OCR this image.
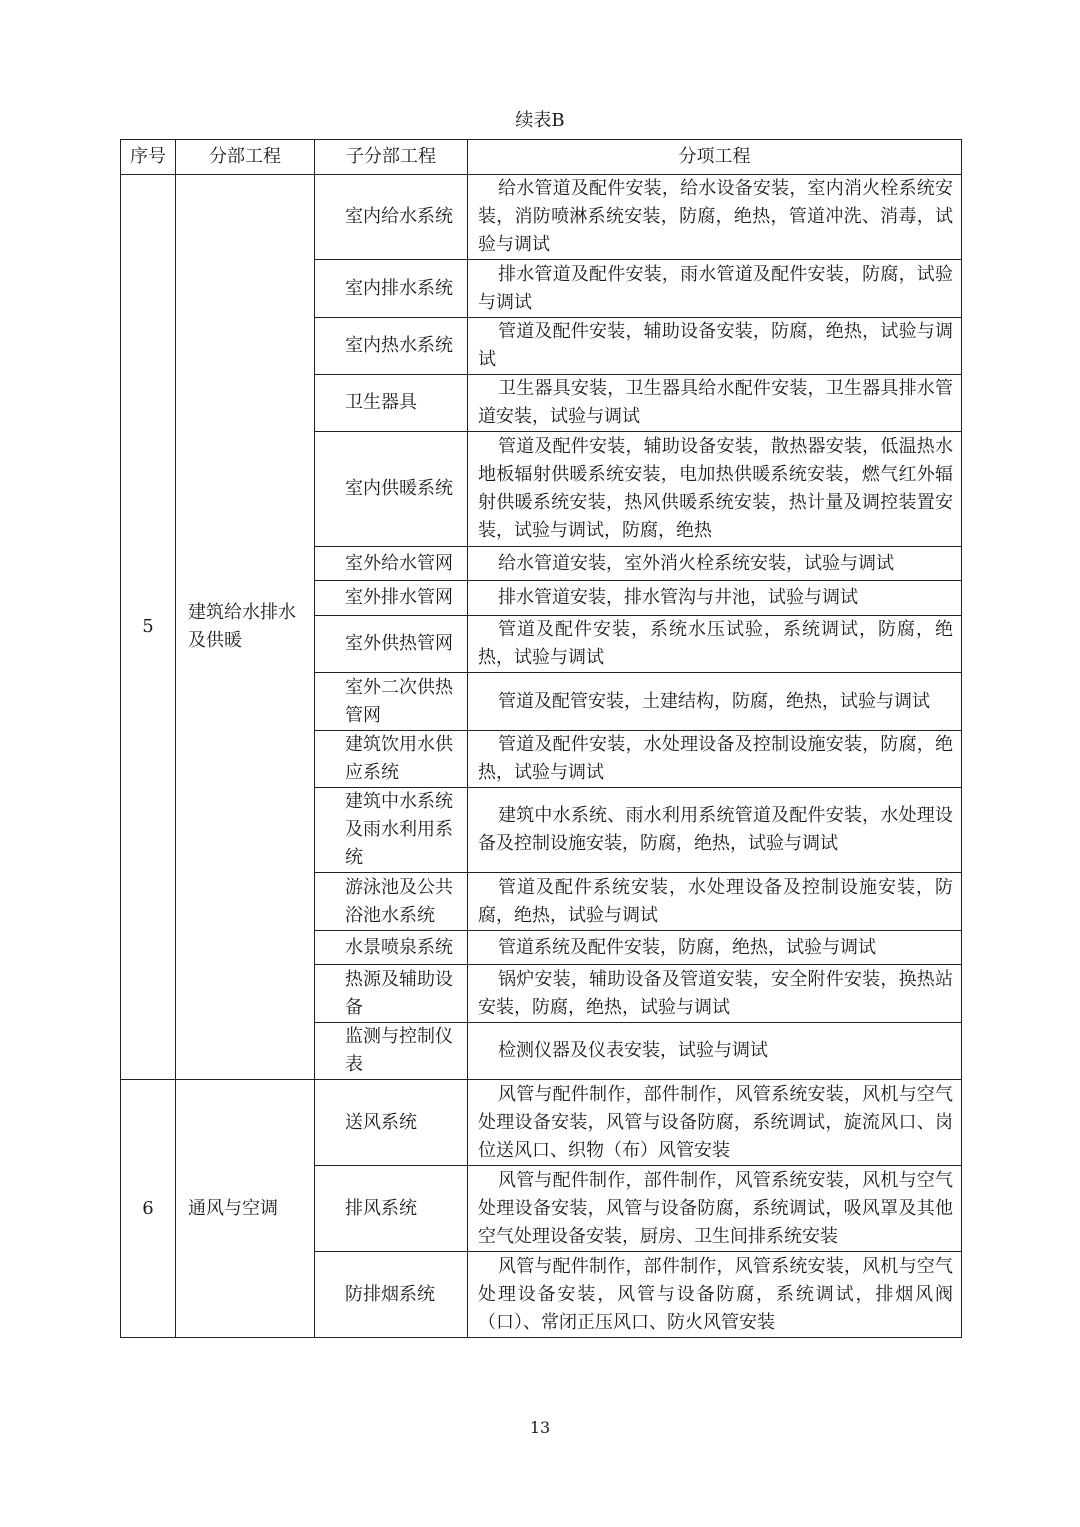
续表B
序号	分部工程	子分部工程	分项工程
5	建筑给水排水及供暖	室内给水系统	给水管道及配件安装，给水设备安装，室内消火栓系统安装，消防喷淋系统安装，防腐，绝热，管道冲洗、消毒，试验与调试
		室内排水系统	排水管道及配件安装，雨水管道及配件安装，防腐，试验与调试
		室内热水系统	管道及配件安装，辅助设备安装，防腐，绝热，试验与调试
		卫生器具	卫生器具安装，卫生器具给水配件安装，卫生器具排水管道安装，试验与调试
		室内供暖系统	管道及配件安装，辅助设备安装，散热器安装，低温热水地板辐射供暖系统安装，电加热供暖系统安装，燃气红外辐射供暖系统安装，热风供暖系统安装，热计量及调控装置安装，试验与调试，防腐，绝热
		室外给水管网	给水管道安装，室外消火栓系统安装，试验与调试
		室外排水管网	排水管道安装，排水管沟与井池，试验与调试
		室外供热管网	管道及配件安装，系统水压试验，系统调试，防腐，绝热，试验与调试
		室外二次供热管网	管道及配管安装，土建结构，防腐，绝热，试验与调试
		建筑饮用水供应系统	管道及配件安装，水处理设备及控制设施安装，防腐，绝热，试验与调试
		建筑中水系统及雨水利用系统	建筑中水系统、雨水利用系统管道及配件安装，水处理设备及控制设施安装，防腐，绝热，试验与调试
		游泳池及公共浴池水系统	管道及配件系统安装，水处理设备及控制设施安装，防腐，绝热，试验与调试
		水景喷泉系统	管道系统及配件安装，防腐，绝热，试验与调试
		热源及辅助设备	锅炉安装，辅助设备及管道安装，安全附件安装，换热站安装，防腐，绝热，试验与调试
		监测与控制仪表	检测仪器及仪表安装，试验与调试
6	通风与空调	送风系统	风管与配件制作，部件制作，风管系统安装，风机与空气处理设备安装，风管与设备防腐，系统调试，旋流风口、岗位送风口、织物（布）风管安装
		排风系统	风管与配件制作，部件制作，风管系统安装，风机与空气处理设备安装，风管与设备防腐，系统调试，吸风罩及其他空气处理设备安装，厨房、卫生间排系统安装
		防排烟系统	风管与配件制作，部件制作，风管系统安装，风机与空气处理设备安装，风管与设备防腐，系统调试，排烟风阀（口）、常闭正压风口、防火风管安装
13
